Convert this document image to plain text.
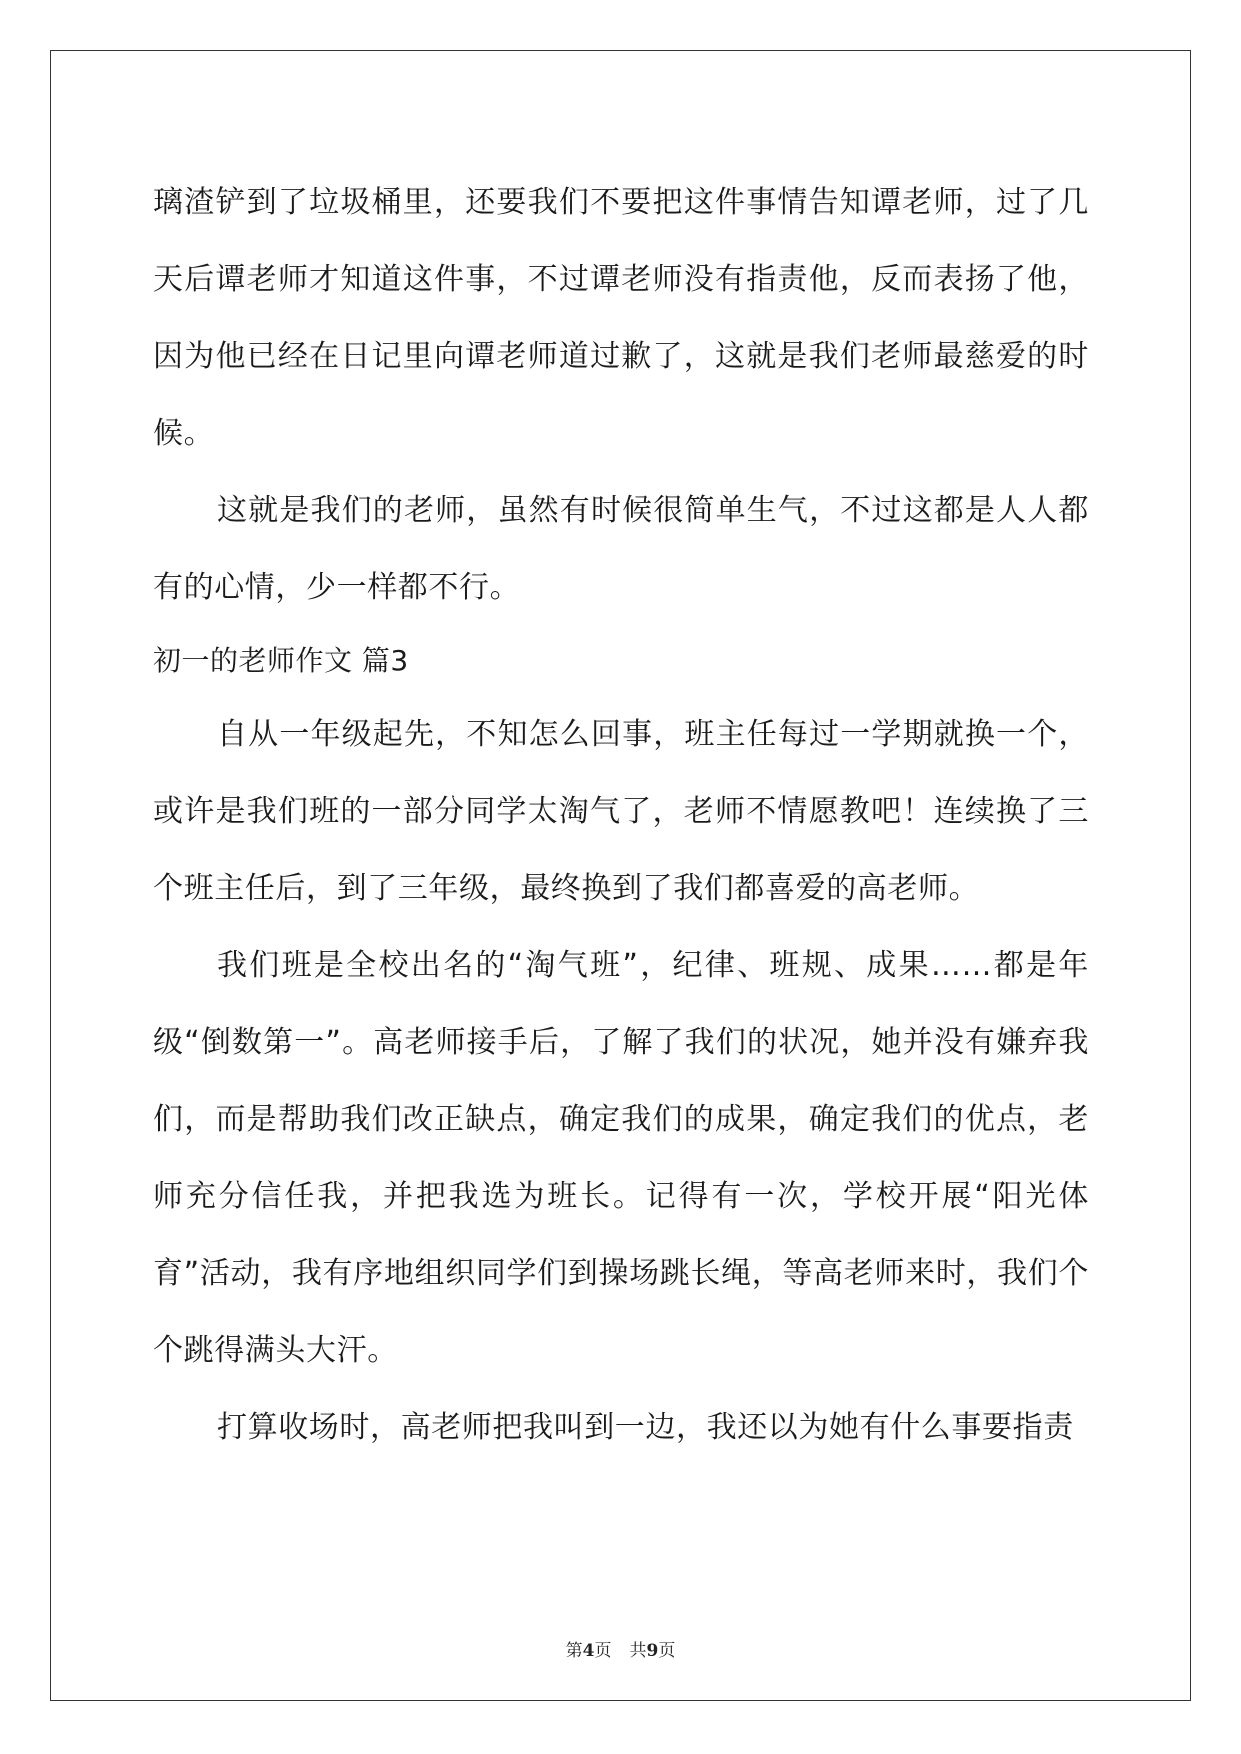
璃渣铲到了垃圾桶里，还要我们不要把这件事情告知谭老师，过了几天后谭老师才知道这件事，不过谭老师没有指责他，反而表扬了他，因为他已经在日记里向谭老师道过歉了，这就是我们老师最慈爱的时候。

这就是我们的老师，虽然有时候很简单生气，不过这都是人人都有的心情，少一样都不行。

初一的老师作文 篇3

自从一年级起先，不知怎么回事，班主任每过一学期就换一个，或许是我们班的一部分同学太淘气了，老师不情愿教吧！连续换了三个班主任后，到了三年级，最终换到了我们都喜爱的高老师。

我们班是全校出名的“淘气班”，纪律、班规、成果……都是年级“倒数第一”。高老师接手后，了解了我们的状况，她并没有嫌弃我们，而是帮助我们改正缺点，确定我们的成果，确定我们的优点，老师充分信任我，并把我选为班长。记得有一次，学校开展“阳光体育”活动，我有序地组织同学们到操场跳长绳，等高老师来时，我们个个跳得满头大汗。

打算收场时，高老师把我叫到一边，我还以为她有什么事要指责

第4页 共9页
